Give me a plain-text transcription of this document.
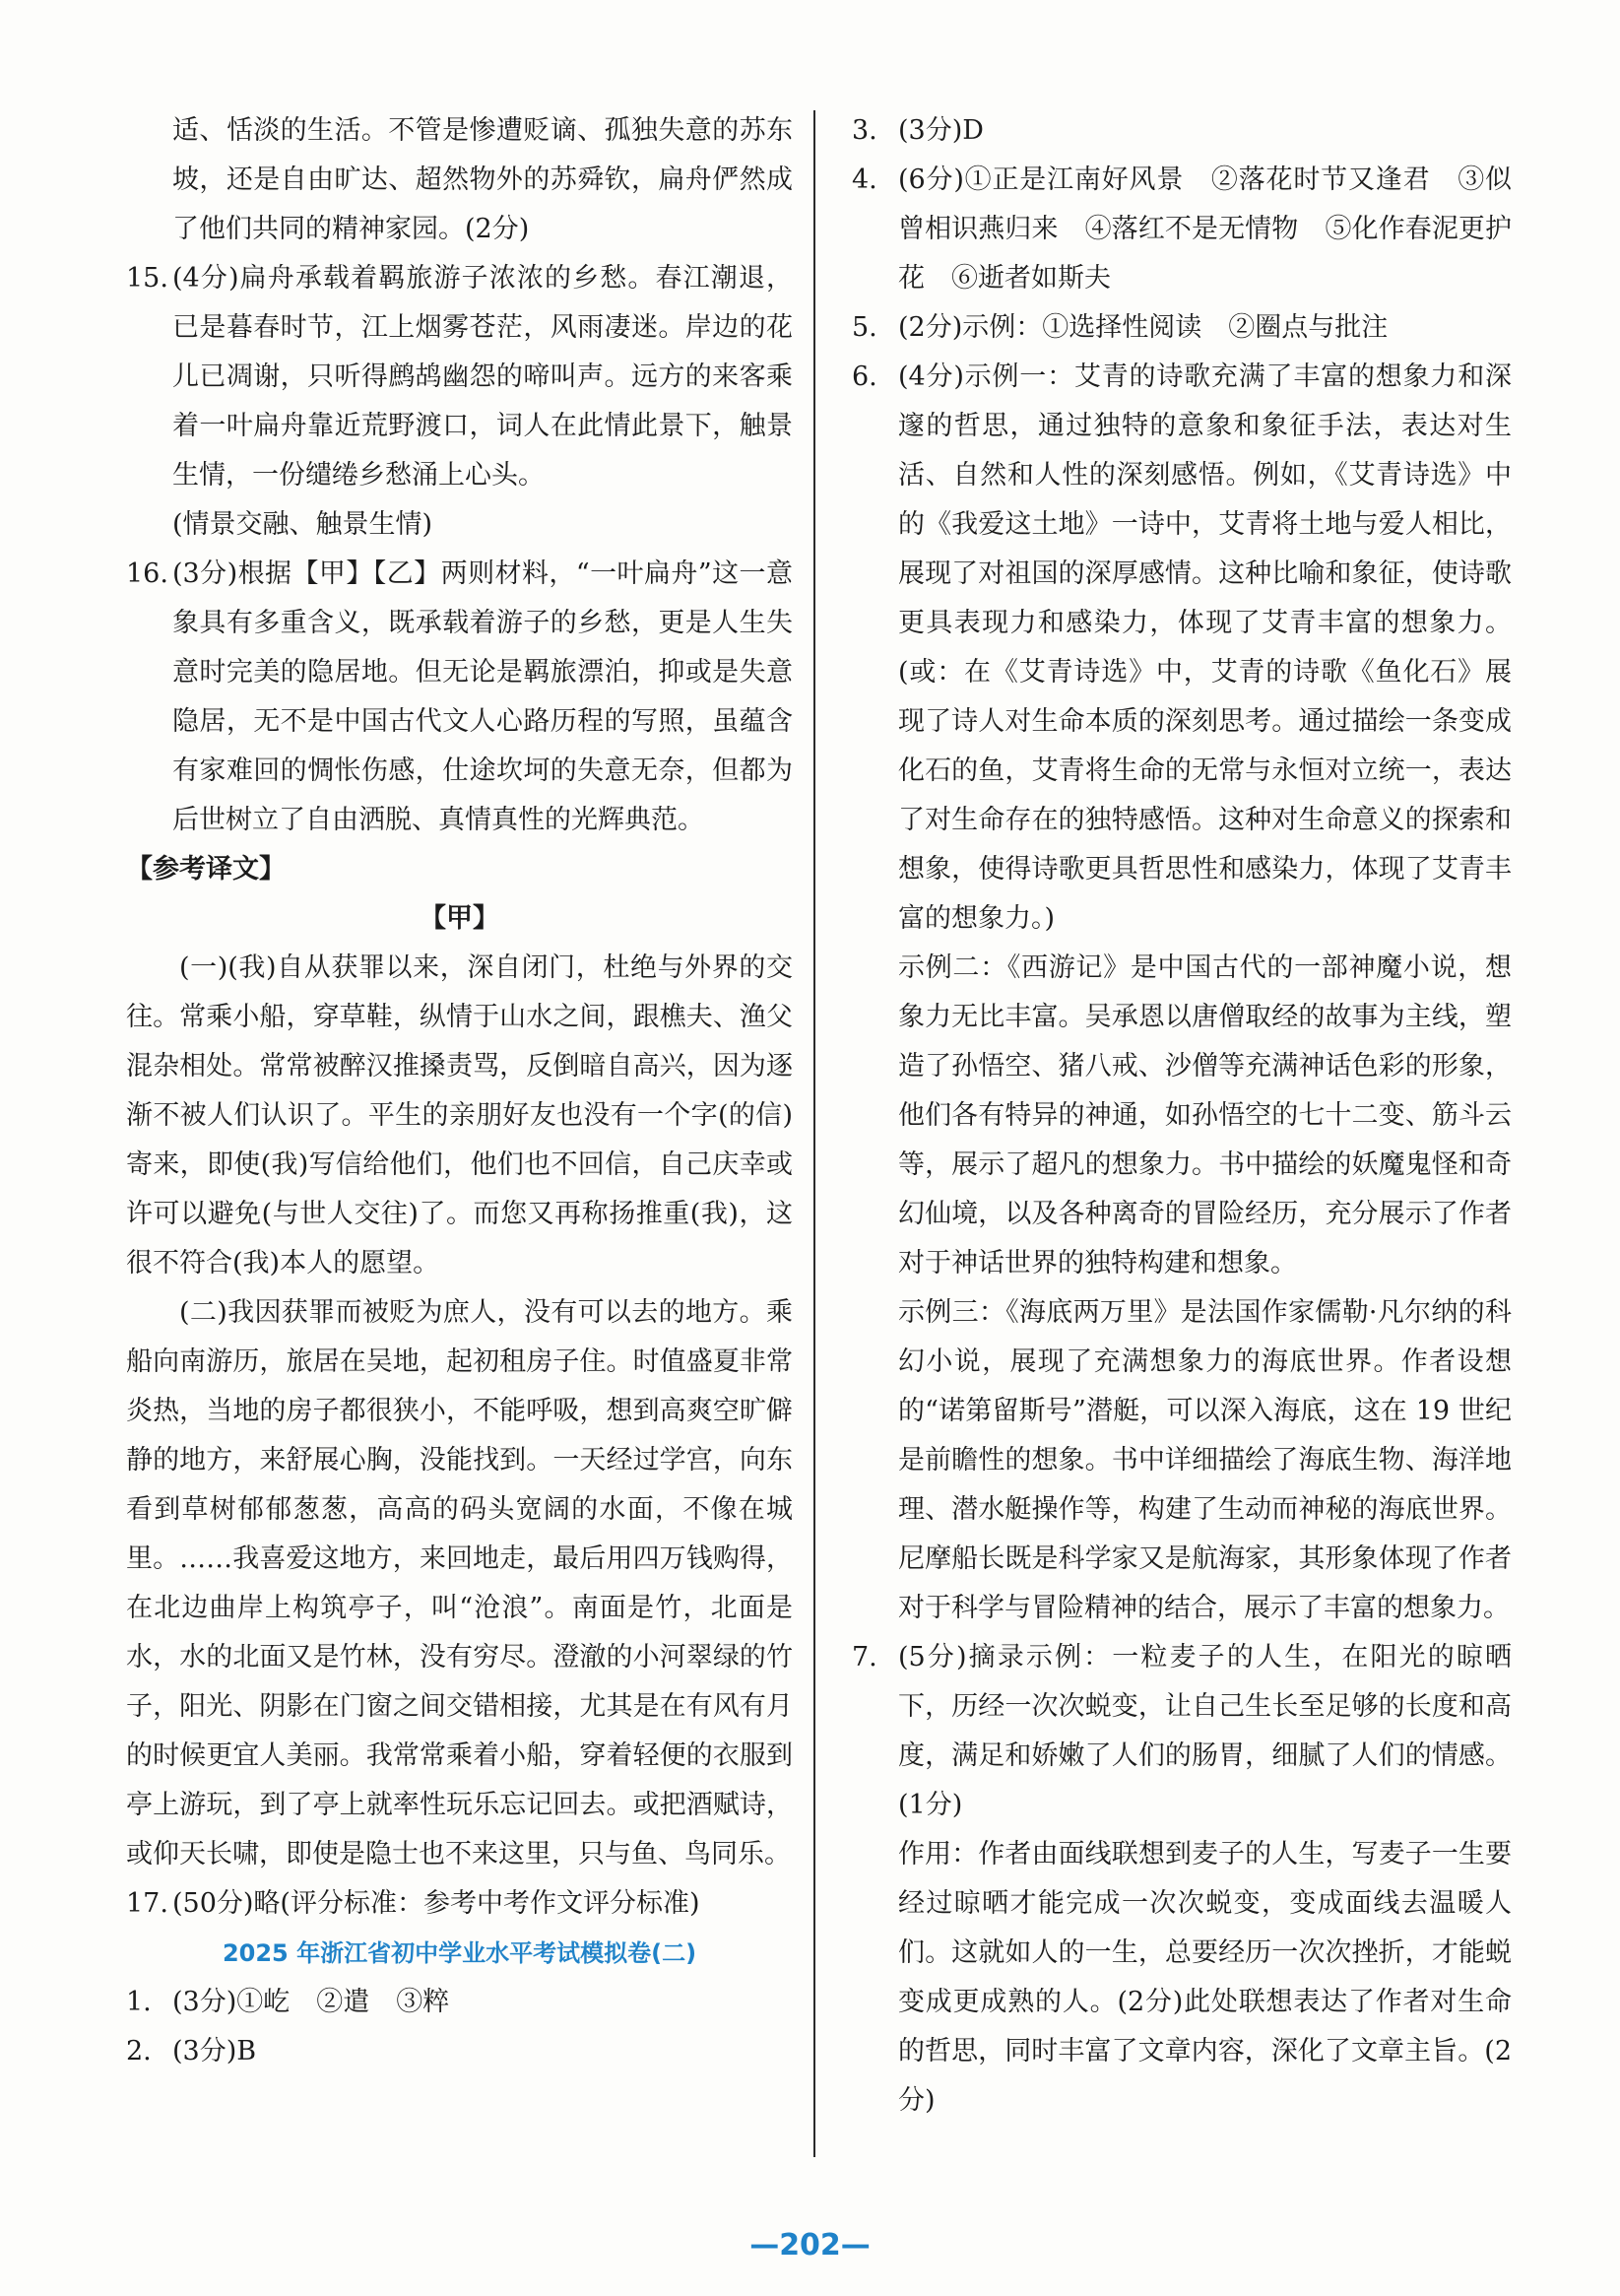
适、恬淡的生活。不管是惨遭贬谪、孤独失意的苏东坡，还是自由旷达、超然物外的苏舜钦，扁舟俨然成了他们共同的精神家园。(2分)

15. (4分)扁舟承载着羁旅游子浓浓的乡愁。春江潮退，已是暮春时节，江上烟雾苍茫，风雨凄迷。岸边的花儿已凋谢，只听得鹧鸪幽怨的啼叫声。远方的来客乘着一叶扁舟靠近荒野渡口，词人在此情此景下，触景生情，一份缱绻乡愁涌上心头。
(情景交融、触景生情)
16. (3分)根据【甲】【乙】两则材料，“一叶扁舟”这一意象具有多重含义，既承载着游子的乡愁，更是人生失意时完美的隐居地。但无论是羁旅漂泊，抑或是失意隐居，无不是中国古代文人心路历程的写照，虽蕴含有家难回的惆怅伤感，仕途坎坷的失意无奈，但都为后世树立了自由洒脱、真情真性的光辉典范。
【参考译文】
【甲】

(一)(我)自从获罪以来，深自闭门，杜绝与外界的交往。常乘小船，穿草鞋，纵情于山水之间，跟樵夫、渔父混杂相处。常常被醉汉推搡责骂，反倒暗自高兴，因为逐渐不被人们认识了。平生的亲朋好友也没有一个字(的信)寄来，即使(我)写信给他们，他们也不回信，自己庆幸或许可以避免(与世人交往)了。而您又再称扬推重(我)，这很不符合(我)本人的愿望。

(二)我因获罪而被贬为庶人，没有可以去的地方。乘船向南游历，旅居在吴地，起初租房子住。时值盛夏非常炎热，当地的房子都很狭小，不能呼吸，想到高爽空旷僻静的地方，来舒展心胸，没能找到。一天经过学宫，向东看到草树郁郁葱葱，高高的码头宽阔的水面，不像在城里。……我喜爱这地方，来回地走，最后用四万钱购得，在北边曲岸上构筑亭子，叫“沧浪”。南面是竹，北面是水，水的北面又是竹林，没有穷尽。澄澈的小河翠绿的竹子，阳光、阴影在门窗之间交错相接，尤其是在有风有月的时候更宜人美丽。我常常乘着小船，穿着轻便的衣服到亭上游玩，到了亭上就率性玩乐忘记回去。或把酒赋诗，或仰天长啸，即使是隐士也不来这里，只与鱼、鸟同乐。

17. (50分)略(评分标准：参考中考作文评分标准)
2025 年浙江省初中学业水平考试模拟卷(二)
1. (3分)①屹　②遣　③粹
2. (3分)B
3. (3分)D
4. (6分)①正是江南好风景　②落花时节又逢君　③似曾相识燕归来　④落红不是无情物　⑤化作春泥更护花　⑥逝者如斯夫
5. (2分)示例：①选择性阅读　②圈点与批注
6. (4分)示例一：艾青的诗歌充满了丰富的想象力和深邃的哲思，通过独特的意象和象征手法，表达对生活、自然和人性的深刻感悟。例如，《艾青诗选》中的《我爱这土地》一诗中，艾青将土地与爱人相比，展现了对祖国的深厚感情。这种比喻和象征，使诗歌更具表现力和感染力，体现了艾青丰富的想象力。(或：在《艾青诗选》中，艾青的诗歌《鱼化石》展现了诗人对生命本质的深刻思考。通过描绘一条变成化石的鱼，艾青将生命的无常与永恒对立统一，表达了对生命存在的独特感悟。这种对生命意义的探索和想象，使得诗歌更具哲思性和感染力，体现了艾青丰富的想象力。)
示例二：《西游记》是中国古代的一部神魔小说，想象力无比丰富。吴承恩以唐僧取经的故事为主线，塑造了孙悟空、猪八戒、沙僧等充满神话色彩的形象，他们各有特异的神通，如孙悟空的七十二变、筋斗云等，展示了超凡的想象力。书中描绘的妖魔鬼怪和奇幻仙境，以及各种离奇的冒险经历，充分展示了作者对于神话世界的独特构建和想象。
示例三：《海底两万里》是法国作家儒勒·凡尔纳的科幻小说，展现了充满想象力的海底世界。作者设想的“诺第留斯号”潜艇，可以深入海底，这在 19 世纪是前瞻性的想象。书中详细描绘了海底生物、海洋地理、潜水艇操作等，构建了生动而神秘的海底世界。尼摩船长既是科学家又是航海家，其形象体现了作者对于科学与冒险精神的结合，展示了丰富的想象力。
7. (5分)摘录示例：一粒麦子的人生，在阳光的晾晒下，历经一次次蜕变，让自己生长至足够的长度和高度，满足和娇嫩了人们的肠胃，细腻了人们的情感。(1分)
作用：作者由面线联想到麦子的人生，写麦子一生要经过晾晒才能完成一次次蜕变，变成面线去温暖人们。这就如人的一生，总要经历一次次挫折，才能蜕变成更成熟的人。(2分)此处联想表达了作者对生命的哲思，同时丰富了文章内容，深化了文章主旨。(2分)
—202—
